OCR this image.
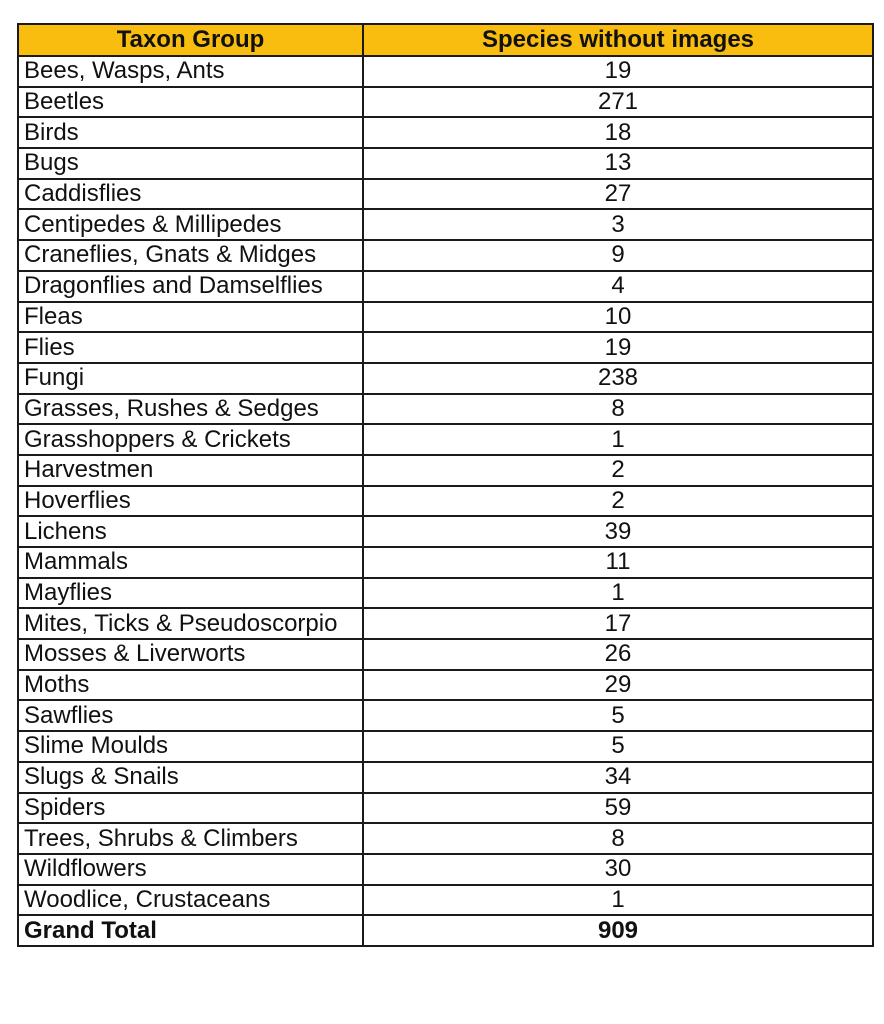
Taxon Group	Species without images
Bees, Wasps, Ants	19
Beetles	271
Birds	18
Bugs	13
Caddisflies	27
Centipedes & Millipedes	3
Craneflies, Gnats & Midges	9
Dragonflies and Damselflies	4
Fleas	10
Flies	19
Fungi	238
Grasses, Rushes & Sedges	8
Grasshoppers & Crickets	1
Harvestmen	2
Hoverflies	2
Lichens	39
Mammals	11
Mayflies	1
Mites, Ticks & Pseudoscorpio	17
Mosses & Liverworts	26
Moths	29
Sawflies	5
Slime Moulds	5
Slugs & Snails	34
Spiders	59
Trees, Shrubs & Climbers	8
Wildflowers	30
Woodlice, Crustaceans	1
Grand Total	909
